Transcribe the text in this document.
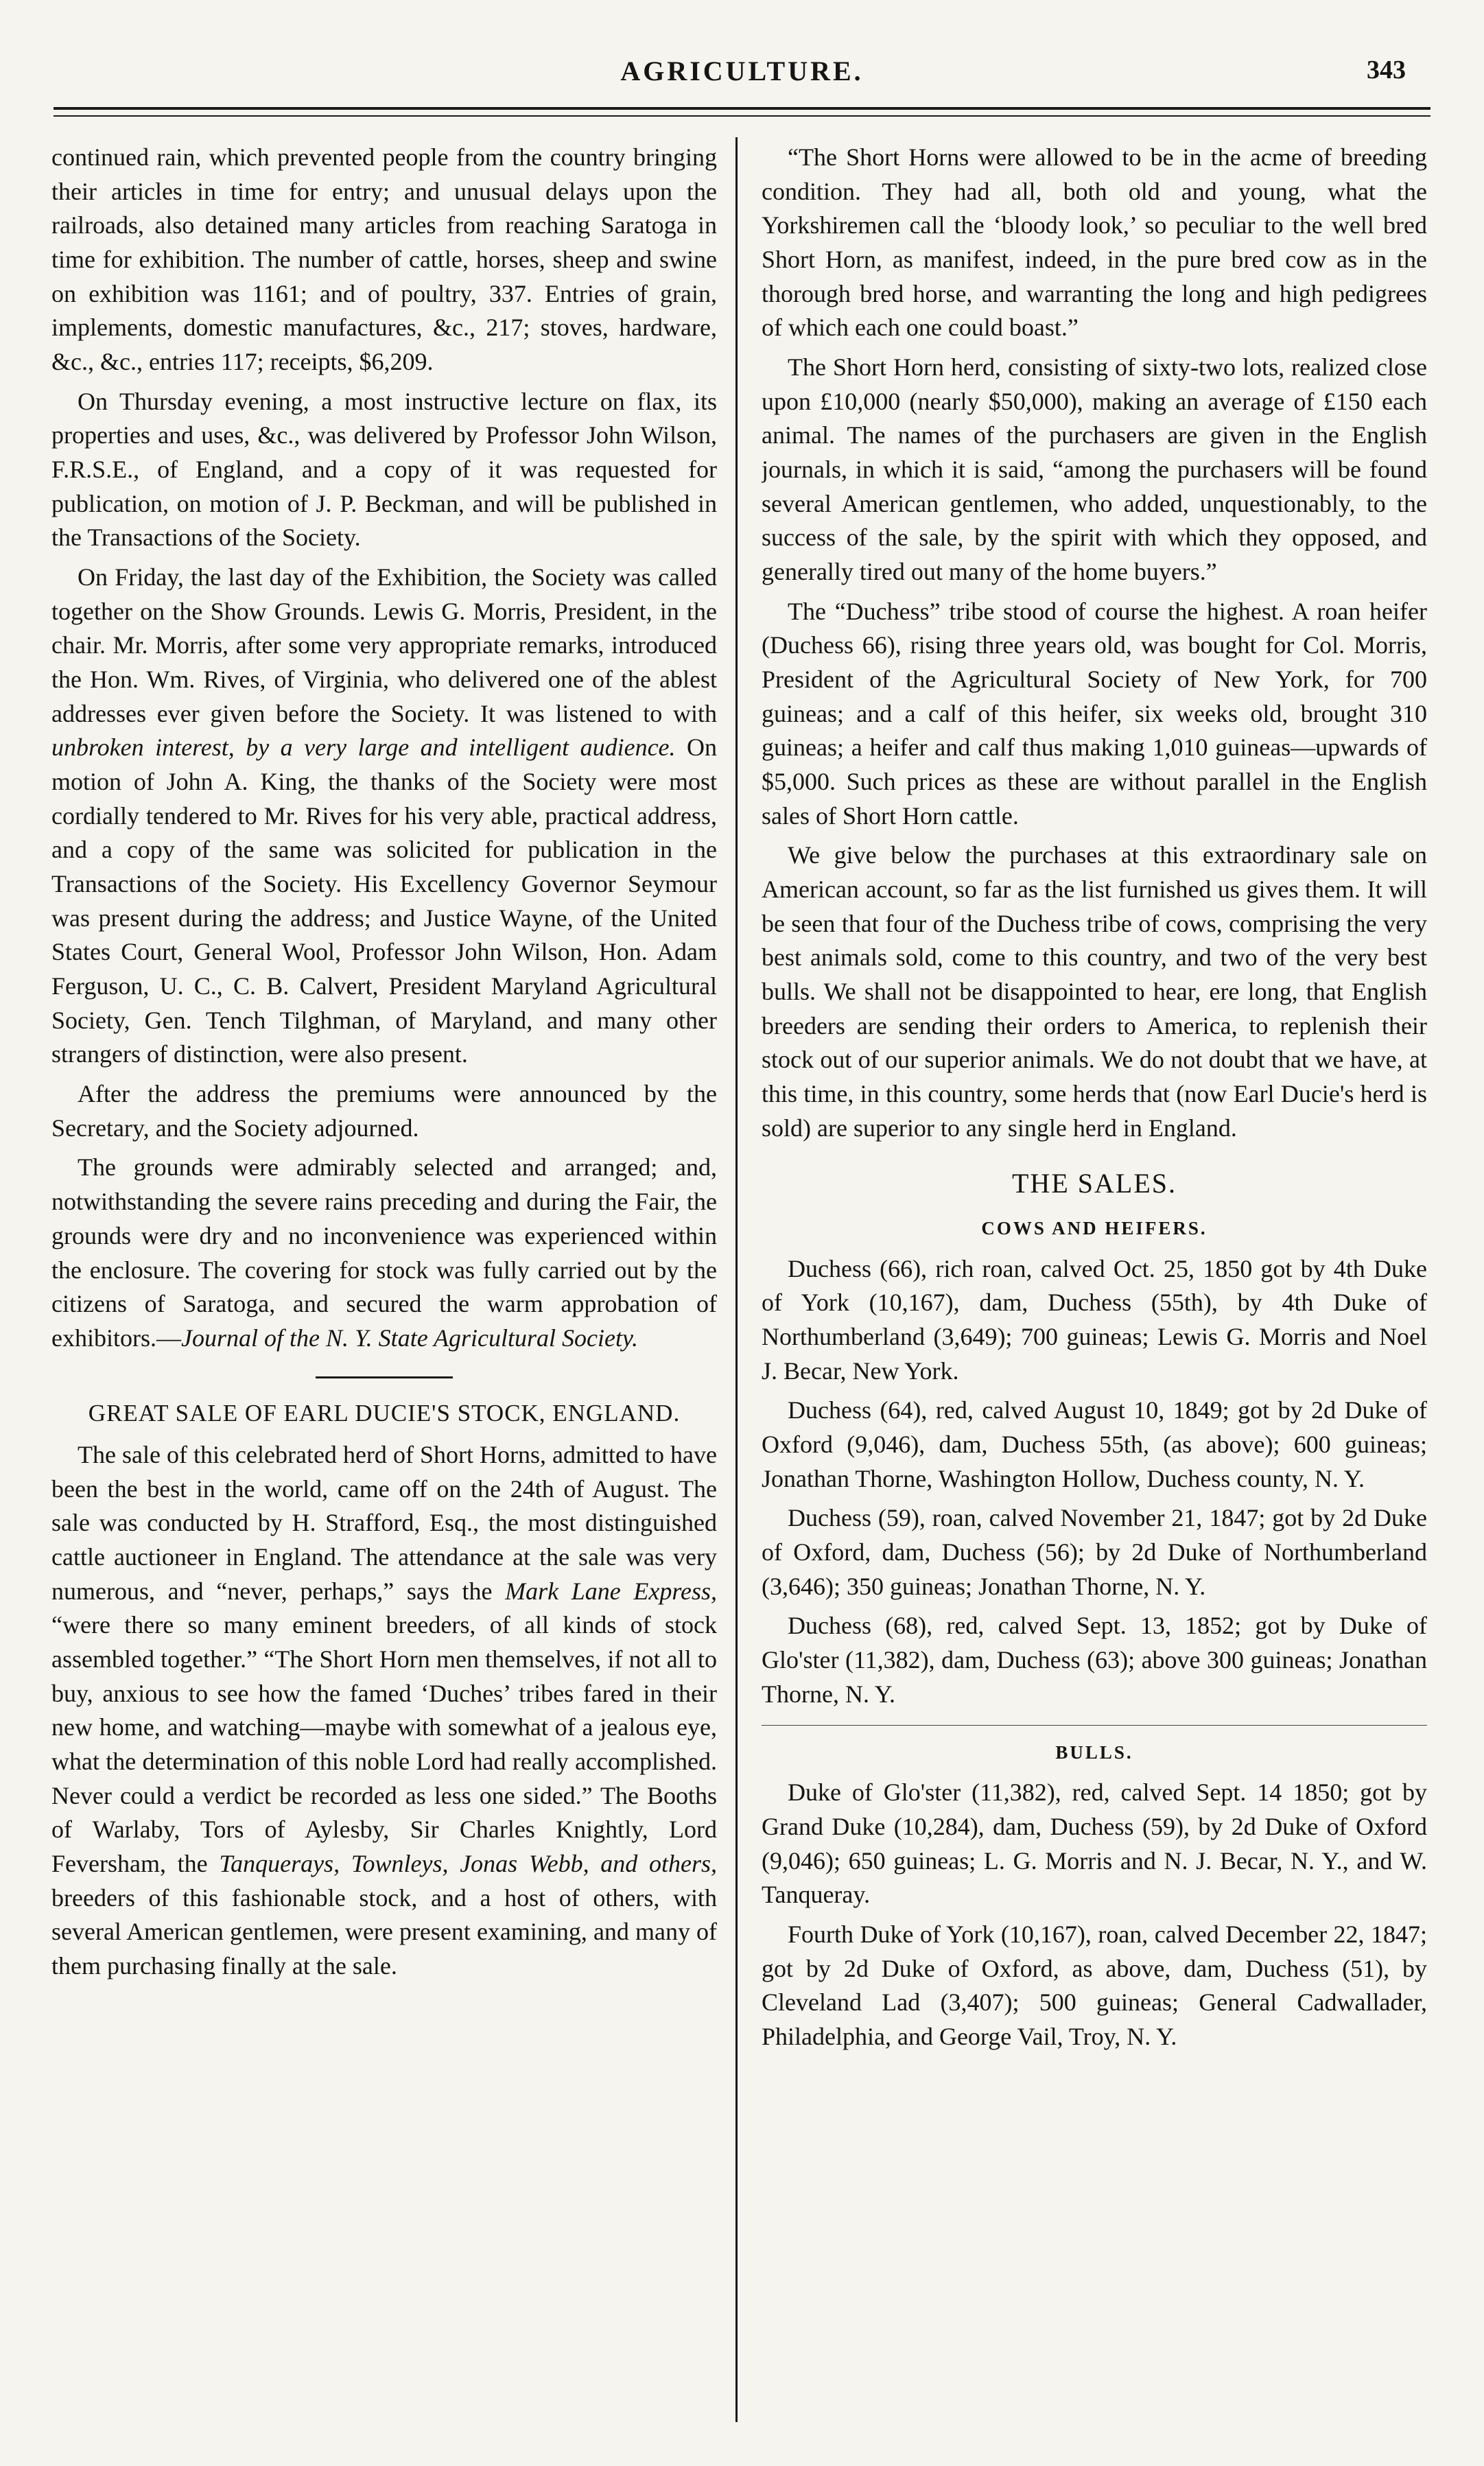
AGRICULTURE.	343

continued rain, which prevented people from the country bringing their articles in time for entry; and unusual delays upon the railroads, also detained many articles from reaching Saratoga in time for exhibition. The number of cattle, horses, sheep and swine on exhibition was 1161; and of poultry, 337. Entries of grain, implements, domestic manufactures, &c., 217; stoves, hardware, &c., &c., entries 117; receipts, $6,209.

On Thursday evening, a most instructive lecture on flax, its properties and uses, &c., was delivered by Professor John Wilson, F.R.S.E., of England, and a copy of it was requested for publication, on motion of J. P. Beckman, and will be published in the Transactions of the Society.

On Friday, the last day of the Exhibition, the Society was called together on the Show Grounds. Lewis G. Morris, President, in the chair. Mr. Morris, after some very appropriate remarks, introduced the Hon. Wm. Rives, of Virginia, who delivered one of the ablest addresses ever given before the Society. It was listened to with unbroken interest, by a very large and intelligent audience. On motion of John A. King, the thanks of the Society were most cordially tendered to Mr. Rives for his very able, practical address, and a copy of the same was solicited for publication in the Transactions of the Society. His Excellency Governor Seymour was present during the address; and Justice Wayne, of the United States Court, General Wool, Professor John Wilson, Hon. Adam Ferguson, U. C., C. B. Calvert, President Maryland Agricultural Society, Gen. Tench Tilghman, of Maryland, and many other strangers of distinction, were also present.

After the address the premiums were announced by the Secretary, and the Society adjourned.

The grounds were admirably selected and arranged; and, notwithstanding the severe rains preceding and during the Fair, the grounds were dry and no inconvenience was experienced within the enclosure. The covering for stock was fully carried out by the citizens of Saratoga, and secured the warm approbation of exhibitors.—Journal of the N. Y. State Agricultural Society.

GREAT SALE OF EARL DUCIE'S STOCK, ENGLAND.

The sale of this celebrated herd of Short Horns, admitted to have been the best in the world, came off on the 24th of August. The sale was conducted by H. Strafford, Esq., the most distinguished cattle auctioneer in England. The attendance at the sale was very numerous, and “never, perhaps,” says the Mark Lane Express, “were there so many eminent breeders, of all kinds of stock assembled together.” “The Short Horn men themselves, if not all to buy, anxious to see how the famed ‘Duches’ tribes fared in their new home, and watching—maybe with somewhat of a jealous eye, what the determination of this noble Lord had really accomplished. Never could a verdict be recorded as less one sided.” The Booths of Warlaby, Tors of Aylesby, Sir Charles Knightly, Lord Feversham, the Tanquerays, Townleys, Jonas Webb, and others, breeders of this fashionable stock, and a host of others, with several American gentlemen, were present examining, and many of them purchasing finally at the sale.

“The Short Horns were allowed to be in the acme of breeding condition. They had all, both old and young, what the Yorkshiremen call the ‘bloody look,’ so peculiar to the well bred Short Horn, as manifest, indeed, in the pure bred cow as in the thorough bred horse, and warranting the long and high pedigrees of which each one could boast.”

The Short Horn herd, consisting of sixty-two lots, realized close upon £10,000 (nearly $50,000), making an average of £150 each animal. The names of the purchasers are given in the English journals, in which it is said, “among the purchasers will be found several American gentlemen, who added, unquestionably, to the success of the sale, by the spirit with which they opposed, and generally tired out many of the home buyers.”

The “Duchess” tribe stood of course the highest. A roan heifer (Duchess 66), rising three years old, was bought for Col. Morris, President of the Agricultural Society of New York, for 700 guineas; and a calf of this heifer, six weeks old, brought 310 guineas; a heifer and calf thus making 1,010 guineas—upwards of $5,000. Such prices as these are without parallel in the English sales of Short Horn cattle.

We give below the purchases at this extraordinary sale on American account, so far as the list furnished us gives them. It will be seen that four of the Duchess tribe of cows, comprising the very best animals sold, come to this country, and two of the very best bulls. We shall not be disappointed to hear, ere long, that English breeders are sending their orders to America, to replenish their stock out of our superior animals. We do not doubt that we have, at this time, in this country, some herds that (now Earl Ducie's herd is sold) are superior to any single herd in England.

THE SALES.
COWS AND HEIFERS.

Duchess (66), rich roan, calved Oct. 25, 1850 got by 4th Duke of York (10,167), dam, Duchess (55th), by 4th Duke of Northumberland (3,649); 700 guineas; Lewis G. Morris and Noel J. Becar, New York.

Duchess (64), red, calved August 10, 1849; got by 2d Duke of Oxford (9,046), dam, Duchess 55th, (as above); 600 guineas; Jonathan Thorne, Washington Hollow, Duchess county, N. Y.

Duchess (59), roan, calved November 21, 1847; got by 2d Duke of Oxford, dam, Duchess (56); by 2d Duke of Northumberland (3,646); 350 guineas; Jonathan Thorne, N. Y.

Duchess (68), red, calved Sept. 13, 1852; got by Duke of Glo'ster (11,382), dam, Duchess (63); above 300 guineas; Jonathan Thorne, N. Y.

BULLS.

Duke of Glo'ster (11,382), red, calved Sept. 14 1850; got by Grand Duke (10,284), dam, Duchess (59), by 2d Duke of Oxford (9,046); 650 guineas; L. G. Morris and N. J. Becar, N. Y., and W. Tanqueray.

Fourth Duke of York (10,167), roan, calved December 22, 1847; got by 2d Duke of Oxford, as above, dam, Duchess (51), by Cleveland Lad (3,407); 500 guineas; General Cadwallader, Philadelphia, and George Vail, Troy, N. Y.
